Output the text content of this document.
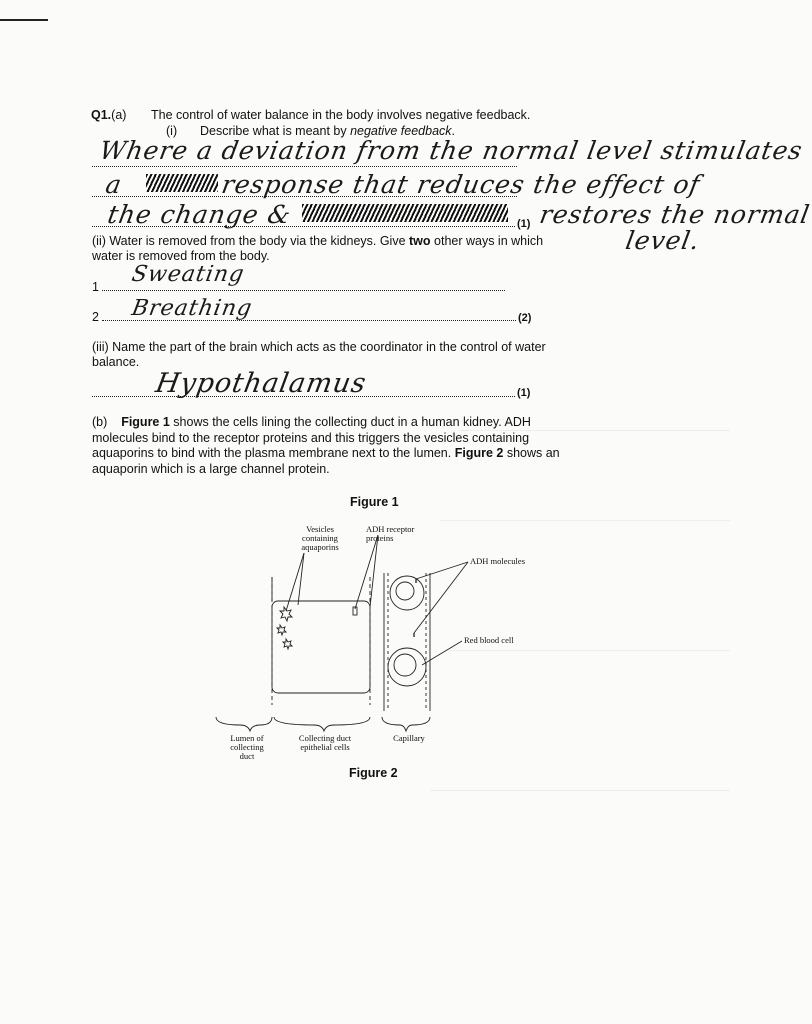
Q1.(a) The control of water balance in the body involves negative feedback.
(i) Describe what is meant by negative feedback.
Where a deviation from the normal level stimulates
a	response that reduces the effect of
the change &	(1) restores the normal
level.
(ii) Water is removed from the body via the kidneys. Give two other ways in which
water is removed from the body.
1 Sweating
2 Breathing	(2)
(iii) Name the part of the brain which acts as the coordinator in the control of water
balance.
Hypothalamus	(1)
(b) Figure 1 shows the cells lining the collecting duct in a human kidney. ADH
molecules bind to the receptor proteins and this triggers the vesicles containing
aquaporins to bind with the plasma membrane next to the lumen. Figure 2 shows an
aquaporin which is a large channel protein.
Figure 1
Vesicles
containing
aquaporins
ADH receptor
proteins
ADH molecules
Red blood cell
Lumen of
collecting
duct
Collecting duct
epithelial cells
Capillary
Figure 2
